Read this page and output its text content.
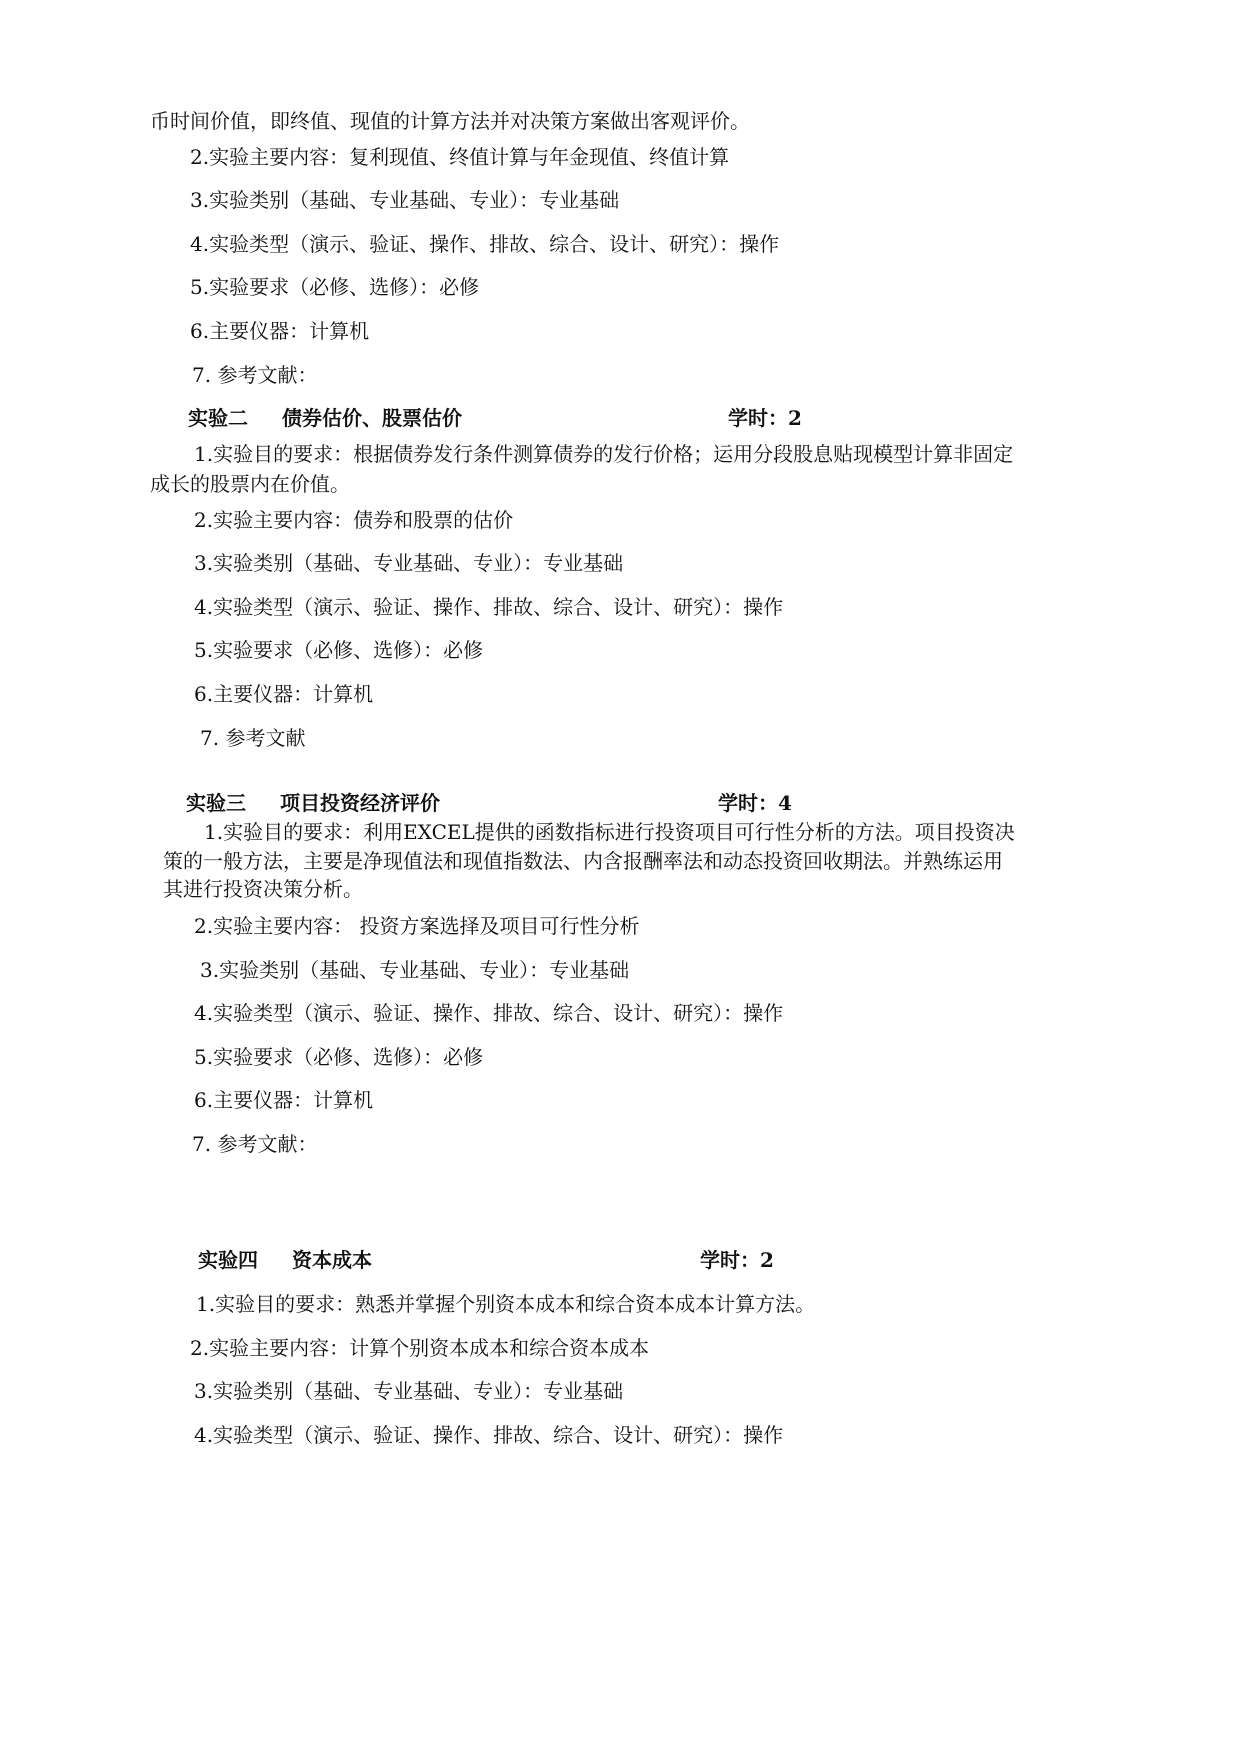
币时间价值，即终值、现值的计算方法并对决策方案做出客观评价。
2.实验主要内容：复利现值、终值计算与年金现值、终值计算
3.实验类别（基础、专业基础、专业）：专业基础
4.实验类型（演示、验证、操作、排故、综合、设计、研究）：操作
5.实验要求（必修、选修）：必修
6.主要仪器：计算机
7. 参考文献：
实验二 债券估价、股票估价	学时：2
1.实验目的要求：根据债券发行条件测算债券的发行价格；运用分段股息贴现模型计算非固定
成长的股票内在价值。
2.实验主要内容：债券和股票的估价
3.实验类别（基础、专业基础、专业）：专业基础
4.实验类型（演示、验证、操作、排故、综合、设计、研究）：操作
5.实验要求（必修、选修）：必修
6.主要仪器：计算机
7. 参考文献
实验三 项目投资经济评价	学时：4
1.实验目的要求：利用EXCEL提供的函数指标进行投资项目可行性分析的方法。项目投资决
策的一般方法，主要是净现值法和现值指数法、内含报酬率法和动态投资回收期法。并熟练运用
其进行投资决策分析。
2.实验主要内容： 投资方案选择及项目可行性分析
3.实验类别（基础、专业基础、专业）：专业基础
4.实验类型（演示、验证、操作、排故、综合、设计、研究）：操作
5.实验要求（必修、选修）：必修
6.主要仪器：计算机
7. 参考文献：
实验四 资本成本	学时：2
1.实验目的要求：熟悉并掌握个别资本成本和综合资本成本计算方法。
2.实验主要内容：计算个别资本成本和综合资本成本
3.实验类别（基础、专业基础、专业）：专业基础
4.实验类型（演示、验证、操作、排故、综合、设计、研究）：操作
